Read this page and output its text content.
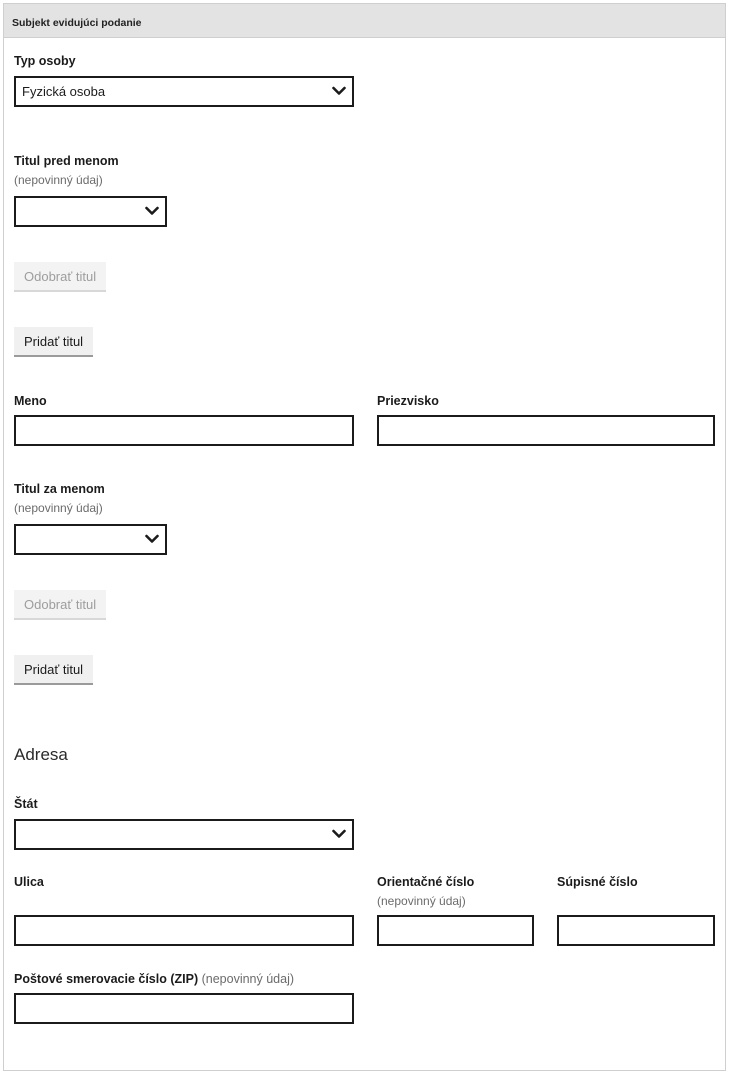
Subjekt evidujúci podanie
Typ osoby
Fyzická osoba
Titul pred menom
(nepovinný údaj)
Odobrať titul
Pridať titul
Meno	Priezvisko
Titul za menom
(nepovinný údaj)
Odobrať titul
Pridať titul
Adresa
Štát
Ulica	Orientačné číslo
(nepovinný údaj)
Súpisné číslo
Poštové smerovacie číslo (ZIP) (nepovinný údaj)
